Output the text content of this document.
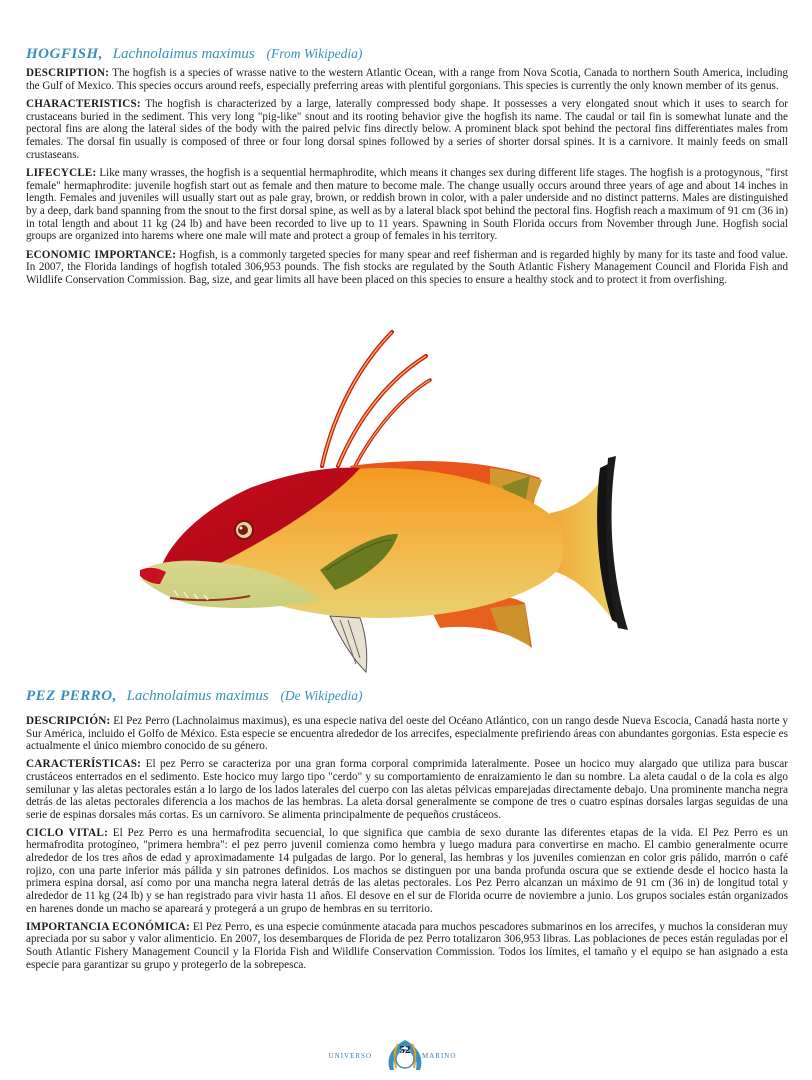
HOGFISH, Lachnolaimus maximus (From Wikipedia)

DESCRIPTION: The hogfish is a species of wrasse native to the western Atlantic Ocean, with a range from Nova Scotia, Canada to northern South America, including the Gulf of Mexico. This species occurs around reefs, especially preferring areas with plentiful gorgonians. This species is currently the only known member of its genus.

CHARACTERISTICS: The hogfish is characterized by a large, laterally compressed body shape. It possesses a very elongated snout which it uses to search for crustaceans buried in the sediment. This very long "pig-like" snout and its rooting behavior give the hogfish its name. The caudal or tail fin is somewhat lunate and the pectoral fins are along the lateral sides of the body with the paired pelvic fins directly below. A prominent black spot behind the pectoral fins differentiates males from females. The dorsal fin usually is composed of three or four long dorsal spines followed by a series of shorter dorsal spines. It is a carnivore. It mainly feeds on small crustaseans.

LIFECYCLE: Like many wrasses, the hogfish is a sequential hermaphrodite, which means it changes sex during different life stages. The hogfish is a protogynous, "first female" hermaphrodite: juvenile hogfish start out as female and then mature to become male. The change usually occurs around three years of age and about 14 inches in length. Females and juveniles will usually start out as pale gray, brown, or reddish brown in color, with a paler underside and no distinct patterns. Males are distinguished by a deep, dark band spanning from the snout to the first dorsal spine, as well as by a lateral black spot behind the pectoral fins. Hogfish reach a maximum of 91 cm (36 in) in total length and about 11 kg (24 lb) and have been recorded to live up to 11 years. Spawning in South Florida occurs from November through June. Hogfish social groups are organized into harems where one male will mate and protect a group of females in his territory.

ECONOMIC IMPORTANCE: Hogfish, is a commonly targeted species for many spear and reef fisherman and is regarded highly by many for its taste and food value. In 2007, the Florida landings of hogfish totaled 306,953 pounds. The fish stocks are regulated by the South Atlantic Fishery Management Council and Florida Fish and Wildlife Conservation Commission. Bag, size, and gear limits all have been placed on this species to ensure a healthy stock and to protect it from overfishing.

PEZ PERRO, Lachnolaimus maximus (De Wikipedia)

DESCRIPCIÓN: El Pez Perro (Lachnolaimus maximus), es una especie nativa del oeste del Océano Atlántico, con un rango desde Nueva Escocia, Canadá hasta norte y Sur América, incluido el Golfo de México. Esta especie se encuentra alrededor de los arrecifes, especialmente prefiriendo áreas con abundantes gorgonias. Esta especie es actualmente el único miembro conocido de su género.

CARACTERÍSTICAS: El pez Perro se caracteriza por una gran forma corporal comprimida lateralmente. Posee un hocico muy alargado que utiliza para buscar crustáceos enterrados en el sedimento. Este hocico muy largo tipo "cerdo" y su comportamiento de enraizamiento le dan su nombre. La aleta caudal o de la cola es algo semilunar y las aletas pectorales están a lo largo de los lados laterales del cuerpo con las aletas pélvicas emparejadas directamente debajo. Una prominente mancha negra detrás de las aletas pectorales diferencia a los machos de las hembras. La aleta dorsal generalmente se compone de tres o cuatro espinas dorsales largas seguidas de una serie de espinas dorsales más cortas. Es un carnívoro. Se alimenta principalmente de pequeños crustáceos.

CICLO VITAL: El Pez Perro es una hermafrodita secuencial, lo que significa que cambia de sexo durante las diferentes etapas de la vida. El Pez Perro es un hermafrodita protogíneo, "primera hembra": el pez perro juvenil comienza como hembra y luego madura para convertirse en macho. El cambio generalmente ocurre alrededor de los tres años de edad y aproximadamente 14 pulgadas de largo. Por lo general, las hembras y los juveniles comienzan en color gris pálido, marrón o café rojizo, con una parte inferior más pálida y sin patrones definidos. Los machos se distinguen por una banda profunda oscura que se extiende desde el hocico hasta la primera espina dorsal, así como por una mancha negra lateral detrás de las aletas pectorales. Los Pez Perro alcanzan un máximo de 91 cm (36 in) de longitud total y alrededor de 11 kg (24 lb) y se han registrado para vivir hasta 11 años. El desove en el sur de Florida ocurre de noviembre a junio. Los grupos sociales están organizados en harenes donde un macho se apareará y protegerá a un grupo de hembras en su territorio.

IMPORTANCIA ECONÓMICA: El Pez Perro, es una especie comúnmente atacada para muchos pescadores submarinos en los arrecifes, y muchos la consideran muy apreciada por su sabor y valor alimenticio. En 2007, los desembarques de Florida de pez Perro totalizaron 306,953 libras. Las poblaciones de peces están reguladas por el South Atlantic Fishery Management Council y la Florida Fish and Wildlife Conservation Commission. Todos los límites, el tamaño y el equipo se han asignado a esta especie para garantizar su grupo y protegerlo de la sobrepesca.

UNIVERSO	52	MARINO
